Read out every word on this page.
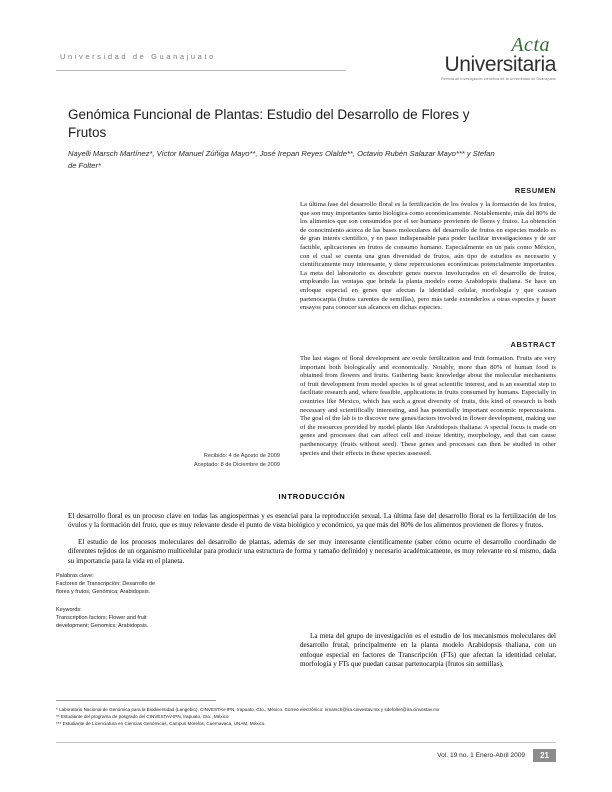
Universidad de Guanajuato
Acta
Universitaria
Revista de investigación científica de la Universidad de Guanajuato
Genómica Funcional de Plantas: Estudio del Desarrollo de Flores y Frutos
Nayelli Marsch Martínez*, Víctor Manuel Zúñiga Mayo**, José Irepan Reyes Olalde**, Octavio Rubén Salazar Mayo*** y Stefan de Folter*
RESUMEN
La última fase del desarrollo floral es la fertilización de los óvulos y la formación de los frutos, que son muy importantes tanto biológica como económicamente. Notablemente, más del 80% de los alimentos que son consumidos por el ser humano provienen de flores y frutos. La obtención de conocimiento acerca de las bases moleculares del desarrollo de frutos en especies modelo es de gran interés científico, y en paso indispensable para poder facilitar investigaciones y de ser factible, aplicaciones en frutos de consumo humano. Especialmente en un país como México, con el cual se cuenta una gran diversidad de frutos, aún tipo de estudios es necesario y científicamente muy interesante, y tiene repercusiones económicas potencialmente importantes. La meta del laboratorio es descubrir genes nuevos involucrados en el desarrollo de frutos, empleando las ventajas que brinda la planta modelo como Arabidopsis thaliana. Se hace un enfoque especial en genes que afectan la identidad celular, morfología y que causan partenocarpia (frutos carentes de semillas), pero más tarde extenderlos a otras especies y hacer ensayos para conocer sus alcances en dichas especies.
ABSTRACT
The last stages of floral development are ovule fertilization and fruit formation. Fruits are very important both biologically and economically. Notably, more than 80% of human food is obtained from flowers and fruits. Gathering basic knowledge about the molecular mechanisms of fruit development from model species is of great scientific interest, and is an essential step to facilitate research and, where feasible, applications in fruits consumed by humans. Especially in countries like Mexico, which has such a great diversity of fruits, this kind of research is both necessary and scientifically interesting, and has potentially important economic repercussions. The goal of the lab is to discover new genes/factors involved in flower development, making use of the resources provided by model plants like Arabidopsis thaliana. A special focus is made on genes and processes that can affect cell and tissue identity, morphology, and that can cause parthenocarpy (fruits without seed). These genes and processes can then be studied in other species and their effects in these species assessed.
Recibido: 4 de Agosto de 2009
Aceptado: 8 de Diciembre de 2009
INTRODUCCIÓN

El desarrollo floral es un proceso clave en todas las angiospermas y es esencial para la reproducción sexual. La última fase del desarrollo floral es la fertilización de los óvulos y la formación del fruto, que es muy relevante desde el punto de vista biológico y económico, ya que más del 80% de los alimentos provienen de flores y frutos.

El estudio de los procesos moleculares del desarrollo de plantas, además de ser muy interesante científicamente (saber cómo ocurre el desarrollo coordinado de diferentes tejidos de un organismo multicelular para producir una estructura de forma y tamaño definido) y necesario académicamente, es muy relevante en sí mismo, dada su importancia para la vida en el planeta.

Palabras clave:
Factores de Transcripción; Desarrollo de flores y frutos; Genómica; Arabidopsis.
Keywords:
Transcription factors; Flower and fruit development; Genomics; Arabidopsis.

La meta del grupo de investigación es el estudio de los mecanismos moleculares del desarrollo frutal, principalmente en la planta modelo Arabidopsis thaliana, con un enfoque especial en factores de Transcripción (FTs) que afectan la identidad celular, morfología y FTs que puedan causar partenocarpia (frutos sin semillas).

* Laboratorio Nacional de Genómica para la Biodiversidad (Langebio), CINVESTAV-IPN, Irapuato, Gto., México. Correo electrónico: nmarsch@ira.cinvestav.mx y sdefolter@ira.cinvestav.mx
** Estudiante del programa de posgrado del CINVESTAV-IPN, Irapuato, Gto., México.
*** Estudiante de Licenciatura en Ciencias Genómicas, Campus Morelos, Cuernavaca, UNAM, México.
Vol. 19 no. 1 Enero-Abril 2009	21
